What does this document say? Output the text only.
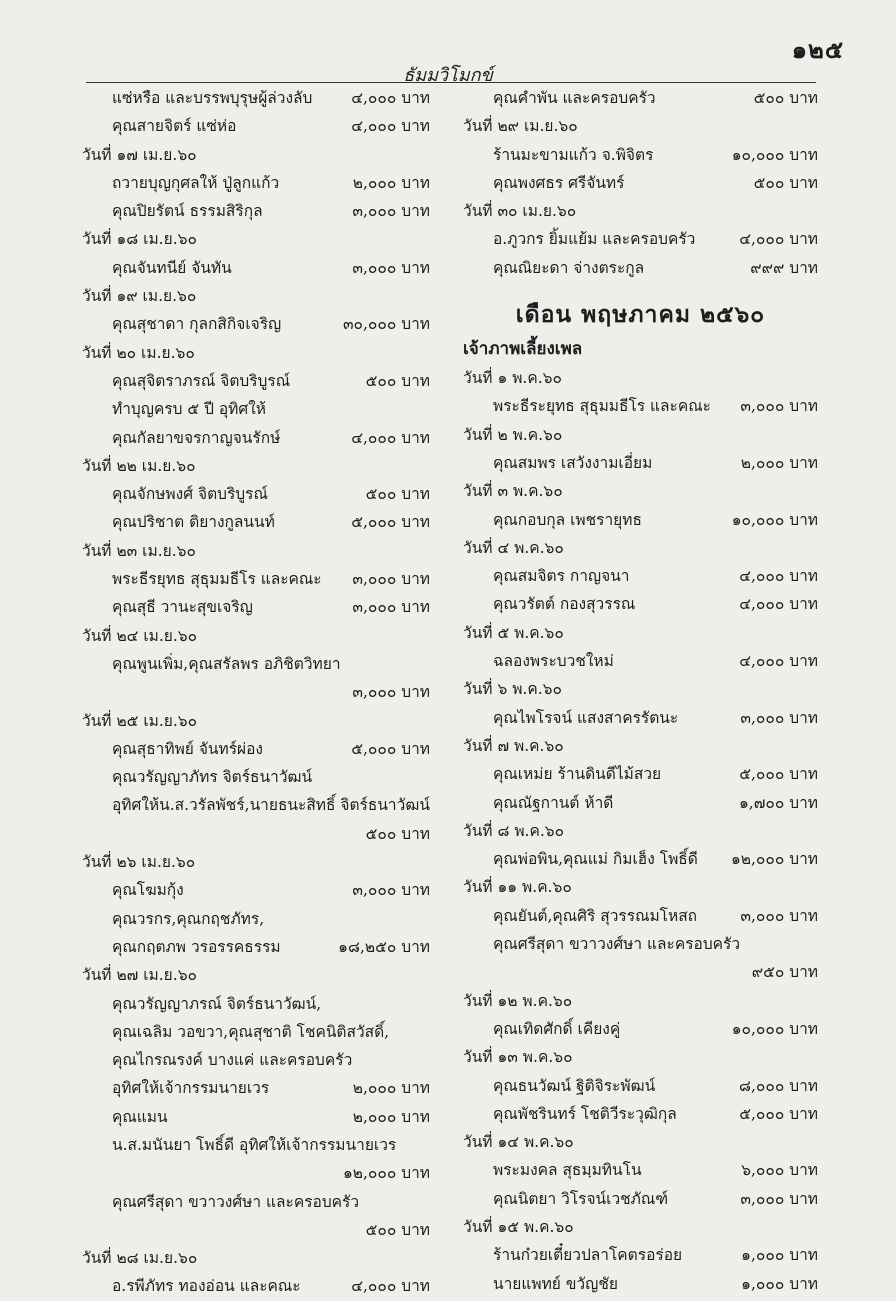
๑๒๕
ธัมมวิโมกข์
แซ่หรือ และบรรพบุรุษผู้ล่วงลับ	๔,๐๐๐ บาท
คุณสายจิตร์ แซ่ห่อ	๔,๐๐๐ บาท
วันที่ ๑๗ เม.ย.๖๐
ถวายบุญกุศลให้ ปู่ลูกแก้ว	๒,๐๐๐ บาท
คุณปิยรัตน์ ธรรมสิริกุล	๓,๐๐๐ บาท
วันที่ ๑๘ เม.ย.๖๐
คุณจันทนีย์ จันทัน	๓,๐๐๐ บาท
วันที่ ๑๙ เม.ย.๖๐
คุณสุชาดา กุลกสิกิจเจริญ	๓๐,๐๐๐ บาท
วันที่ ๒๐ เม.ย.๖๐
คุณสุจิตราภรณ์ จิตบริบูรณ์	๕๐๐ บาท
ทำบุญครบ ๕ ปี อุทิศให้
คุณกัลยาขจรกาญจนรักษ์	๔,๐๐๐ บาท
วันที่ ๒๒ เม.ย.๖๐
คุณจักษพงศ์ จิตบริบูรณ์	๕๐๐ บาท
คุณปริชาต ติยางกูลนนท์	๕,๐๐๐ บาท
วันที่ ๒๓ เม.ย.๖๐
พระธีรยุทธ สุธุมมธีโร และคณะ	๓,๐๐๐ บาท
คุณสุธี วานะสุขเจริญ	๓,๐๐๐ บาท
วันที่ ๒๔ เม.ย.๖๐
คุณพูนเพิ่ม,คุณสรัลพร อภิชิตวิทยา
๓,๐๐๐ บาท
วันที่ ๒๕ เม.ย.๖๐
คุณสุธาทิพย์ จันทร์ผ่อง	๕,๐๐๐ บาท
คุณวรัญญาภัทร จิตร์ธนาวัฒน์
อุทิศให้น.ส.วรัลพัชร์,นายธนะสิทธิ์ จิตร์ธนาวัฒน์
๕๐๐ บาท
วันที่ ๒๖ เม.ย.๖๐
คุณโฆมกุ้ง	๓,๐๐๐ บาท
คุณวรกร,คุณกฤชภัทร,
คุณกฤตภพ วรอรรคธรรม	๑๘,๒๕๐ บาท
วันที่ ๒๗ เม.ย.๖๐
คุณวรัญญาภรณ์ จิตร์ธนาวัฒน์,
คุณเฉลิม วอขวา,คุณสุชาติ โชคนิติสวัสดิ์,
คุณไกรณรงค์ บางแค่ และครอบครัว
อุทิศให้เจ้ากรรมนายเวร	๒,๐๐๐ บาท
คุณแมน	๒,๐๐๐ บาท
น.ส.มนันยา โพธิ์ดี อุทิศให้เจ้ากรรมนายเวร
๑๒,๐๐๐ บาท
คุณศรีสุดา ขวาวงศ์ษา และครอบครัว
๕๐๐ บาท
วันที่ ๒๘ เม.ย.๖๐
อ.รพีภัทร ทองอ่อน และคณะ	๔,๐๐๐ บาท
คุณคำพัน และครอบครัว	๕๐๐ บาท
วันที่ ๒๙ เม.ย.๖๐
ร้านมะขามแก้ว จ.พิจิตร	๑๐,๐๐๐ บาท
คุณพงศธร ศรีจันทร์	๕๐๐ บาท
วันที่ ๓๐ เม.ย.๖๐
อ.ภูวกร ยิ้มแย้ม และครอบครัว	๔,๐๐๐ บาท
คุณณิยะดา จ่างตระกูล	๙๙๙ บาท
เดือน พฤษภาคม ๒๕๖๐
เจ้าภาพเลี้ยงเพล
วันที่ ๑ พ.ค.๖๐
พระธีระยุทธ สุธุมมธีโร และคณะ	๓,๐๐๐ บาท
วันที่ ๒ พ.ค.๖๐
คุณสมพร เสวังงามเอี่ยม	๒,๐๐๐ บาท
วันที่ ๓ พ.ค.๖๐
คุณกอบกุล เพชรายุทธ	๑๐,๐๐๐ บาท
วันที่ ๔ พ.ค.๖๐
คุณสมจิตร กาญจนา	๔,๐๐๐ บาท
คุณวรัตต์ กองสุวรรณ	๔,๐๐๐ บาท
วันที่ ๕ พ.ค.๖๐
ฉลองพระบวชใหม่	๔,๐๐๐ บาท
วันที่ ๖ พ.ค.๖๐
คุณไพโรจน์ แสงสาครรัตนะ	๓,๐๐๐ บาท
วันที่ ๗ พ.ค.๖๐
คุณเหม่ย ร้านดินดีไม้สวย	๕,๐๐๐ บาท
คุณณัฐกานต์ ห้าดี	๑,๗๐๐ บาท
วันที่ ๘ พ.ค.๖๐
คุณพ่อพิน,คุณแม่ กิมเฮ็ง โพธิ์ดี	๑๒,๐๐๐ บาท
วันที่ ๑๑ พ.ค.๖๐
คุณยันต์,คุณศิริ สุวรรณมโหสถ	๓,๐๐๐ บาท
คุณศรีสุดา ขวาวงศ์ษา และครอบครัว
๙๕๐ บาท
วันที่ ๑๒ พ.ค.๖๐
คุณเทิดศักดิ์ เคียงคู่	๑๐,๐๐๐ บาท
วันที่ ๑๓ พ.ค.๖๐
คุณธนวัฒน์ ฐิติจิระพัฒน์	๘,๐๐๐ บาท
คุณพัชรินทร์ โชติวีระวุฒิกุล	๕,๐๐๐ บาท
วันที่ ๑๔ พ.ค.๖๐
พระมงคล สุธมฺมทินโน	๖,๐๐๐ บาท
คุณนิตยา วิโรจน์เวชภัณฑ์	๓,๐๐๐ บาท
วันที่ ๑๕ พ.ค.๖๐
ร้านก๋วยเตี๋ยวปลาโคตรอร่อย	๑,๐๐๐ บาท
นายแพทย์ ขวัญชัย	๑,๐๐๐ บาท
